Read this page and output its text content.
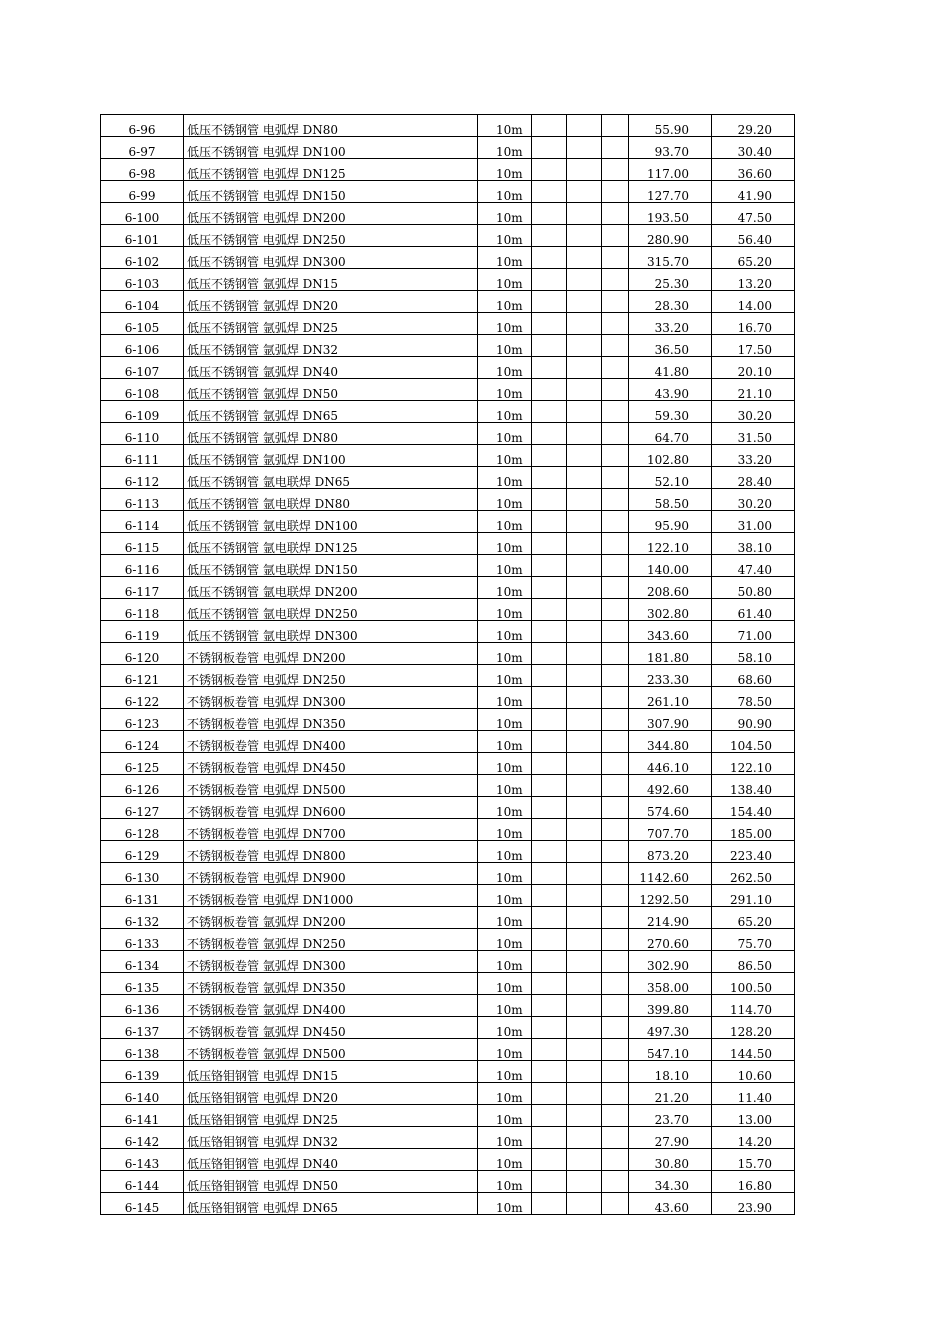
6-96	低压不锈钢管 电弧焊 DN80	10m				55.90	29.20
6-97	低压不锈钢管 电弧焊 DN100	10m				93.70	30.40
6-98	低压不锈钢管 电弧焊 DN125	10m				117.00	36.60
6-99	低压不锈钢管 电弧焊 DN150	10m				127.70	41.90
6-100	低压不锈钢管 电弧焊 DN200	10m				193.50	47.50
6-101	低压不锈钢管 电弧焊 DN250	10m				280.90	56.40
6-102	低压不锈钢管 电弧焊 DN300	10m				315.70	65.20
6-103	低压不锈钢管 氩弧焊 DN15	10m				25.30	13.20
6-104	低压不锈钢管 氩弧焊 DN20	10m				28.30	14.00
6-105	低压不锈钢管 氩弧焊 DN25	10m				33.20	16.70
6-106	低压不锈钢管 氩弧焊 DN32	10m				36.50	17.50
6-107	低压不锈钢管 氩弧焊 DN40	10m				41.80	20.10
6-108	低压不锈钢管 氩弧焊 DN50	10m				43.90	21.10
6-109	低压不锈钢管 氩弧焊 DN65	10m				59.30	30.20
6-110	低压不锈钢管 氩弧焊 DN80	10m				64.70	31.50
6-111	低压不锈钢管 氩弧焊 DN100	10m				102.80	33.20
6-112	低压不锈钢管 氩电联焊 DN65	10m				52.10	28.40
6-113	低压不锈钢管 氩电联焊 DN80	10m				58.50	30.20
6-114	低压不锈钢管 氩电联焊 DN100	10m				95.90	31.00
6-115	低压不锈钢管 氩电联焊 DN125	10m				122.10	38.10
6-116	低压不锈钢管 氩电联焊 DN150	10m				140.00	47.40
6-117	低压不锈钢管 氩电联焊 DN200	10m				208.60	50.80
6-118	低压不锈钢管 氩电联焊 DN250	10m				302.80	61.40
6-119	低压不锈钢管 氩电联焊 DN300	10m				343.60	71.00
6-120	不锈钢板卷管 电弧焊 DN200	10m				181.80	58.10
6-121	不锈钢板卷管 电弧焊 DN250	10m				233.30	68.60
6-122	不锈钢板卷管 电弧焊 DN300	10m				261.10	78.50
6-123	不锈钢板卷管 电弧焊 DN350	10m				307.90	90.90
6-124	不锈钢板卷管 电弧焊 DN400	10m				344.80	104.50
6-125	不锈钢板卷管 电弧焊 DN450	10m				446.10	122.10
6-126	不锈钢板卷管 电弧焊 DN500	10m				492.60	138.40
6-127	不锈钢板卷管 电弧焊 DN600	10m				574.60	154.40
6-128	不锈钢板卷管 电弧焊 DN700	10m				707.70	185.00
6-129	不锈钢板卷管 电弧焊 DN800	10m				873.20	223.40
6-130	不锈钢板卷管 电弧焊 DN900	10m				1142.60	262.50
6-131	不锈钢板卷管 电弧焊 DN1000	10m				1292.50	291.10
6-132	不锈钢板卷管 氩弧焊 DN200	10m				214.90	65.20
6-133	不锈钢板卷管 氩弧焊 DN250	10m				270.60	75.70
6-134	不锈钢板卷管 氩弧焊 DN300	10m				302.90	86.50
6-135	不锈钢板卷管 氩弧焊 DN350	10m				358.00	100.50
6-136	不锈钢板卷管 氩弧焊 DN400	10m				399.80	114.70
6-137	不锈钢板卷管 氩弧焊 DN450	10m				497.30	128.20
6-138	不锈钢板卷管 氩弧焊 DN500	10m				547.10	144.50
6-139	低压铬钼钢管 电弧焊 DN15	10m				18.10	10.60
6-140	低压铬钼钢管 电弧焊 DN20	10m				21.20	11.40
6-141	低压铬钼钢管 电弧焊 DN25	10m				23.70	13.00
6-142	低压铬钼钢管 电弧焊 DN32	10m				27.90	14.20
6-143	低压铬钼钢管 电弧焊 DN40	10m				30.80	15.70
6-144	低压铬钼钢管 电弧焊 DN50	10m				34.30	16.80
6-145	低压铬钼钢管 电弧焊 DN65	10m				43.60	23.90
